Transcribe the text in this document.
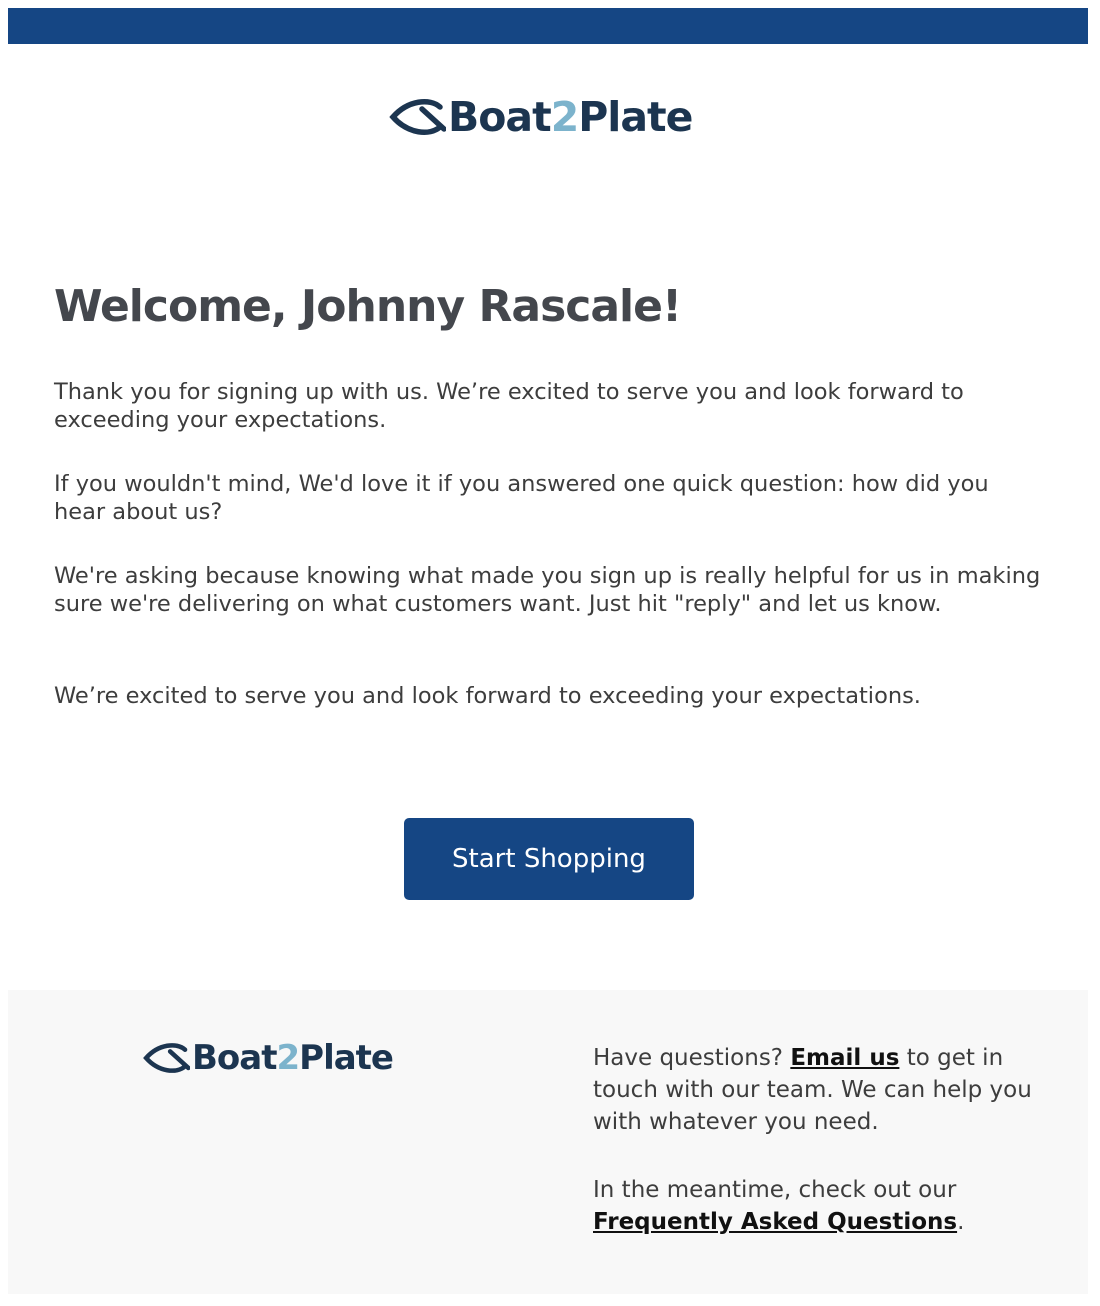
Boat 2 Plate
Welcome, Johnny Rascale!

Thank you for signing up with us. We’re excited to serve you and look forward to exceeding your expectations.

If you wouldn't mind, We'd love it if you answered one quick question: how did you hear about us?

We're asking because knowing what made you sign up is really helpful for us in making sure we're delivering on what customers want. Just hit "reply" and let us know.

We’re excited to serve you and look forward to exceeding your expectations.

Start Shopping
Boat 2 Plate	Have questions? Email us to get in touch with our team. We can help you with whatever you need.

In the meantime, check out our Frequently Asked Questions.
